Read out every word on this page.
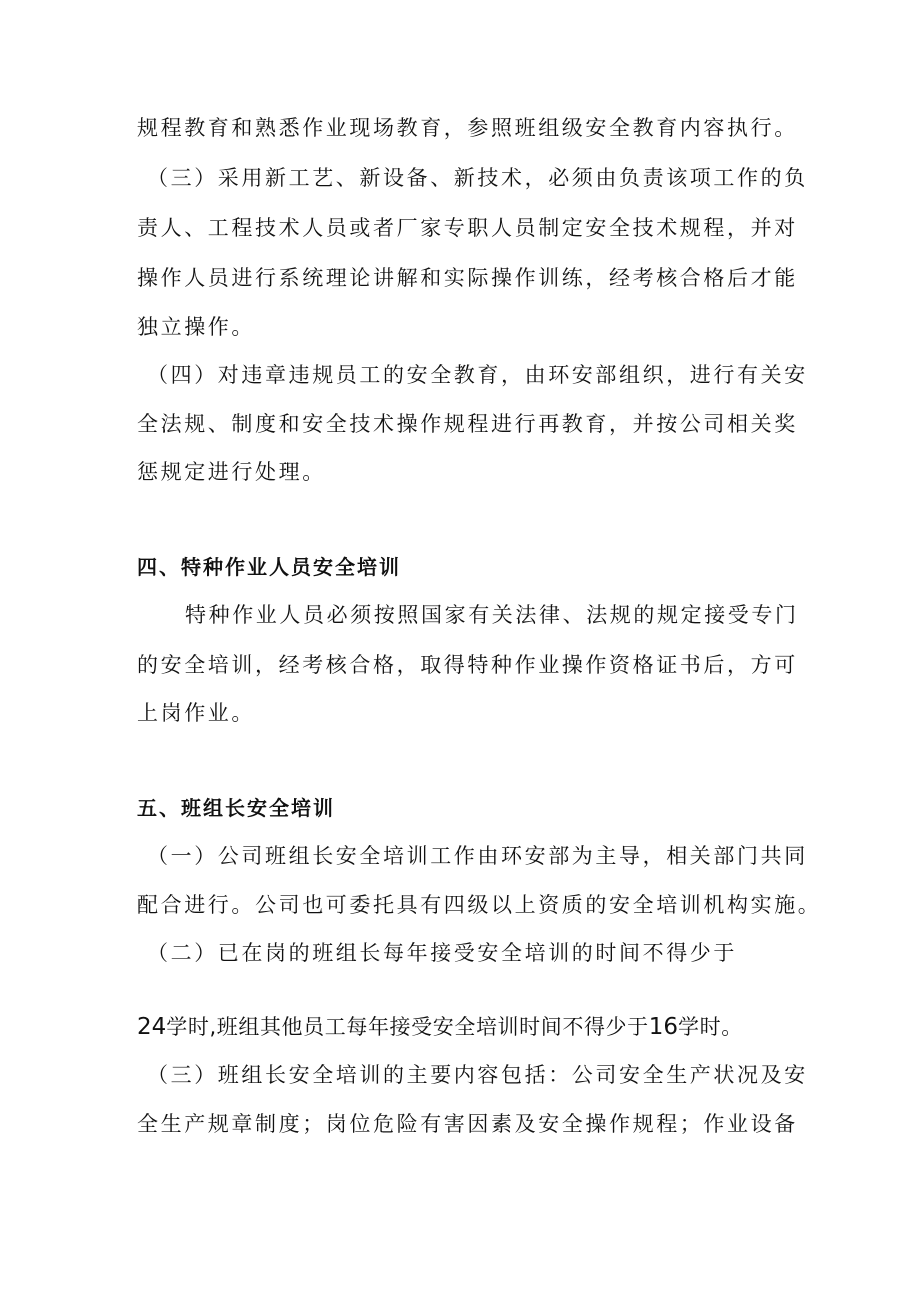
规程教育和熟悉作业现场教育，参照班组级安全教育内容执行。
（三）采用新工艺、新设备、新技术，必须由负责该项工作的负
责人、工程技术人员或者厂家专职人员制定安全技术规程，并对
操作人员进行系统理论讲解和实际操作训练，经考核合格后才能
独立操作。
（四）对违章违规员工的安全教育，由环安部组织，进行有关安
全法规、制度和安全技术操作规程进行再教育，并按公司相关奖
惩规定进行处理。
四、特种作业人员安全培训
特种作业人员必须按照国家有关法律、法规的规定接受专门
的安全培训，经考核合格，取得特种作业操作资格证书后，方可
上岗作业。
五、班组长安全培训
（一）公司班组长安全培训工作由环安部为主导，相关部门共同
配合进行。公司也可委托具有四级以上资质的安全培训机构实施。
（二）已在岗的班组长每年接受安全培训的时间不得少于
24学时,班组其他员工每年接受安全培训时间不得少于16学时。
（三）班组长安全培训的主要内容包括：公司安全生产状况及安
全生产规章制度；岗位危险有害因素及安全操作规程；作业设备
